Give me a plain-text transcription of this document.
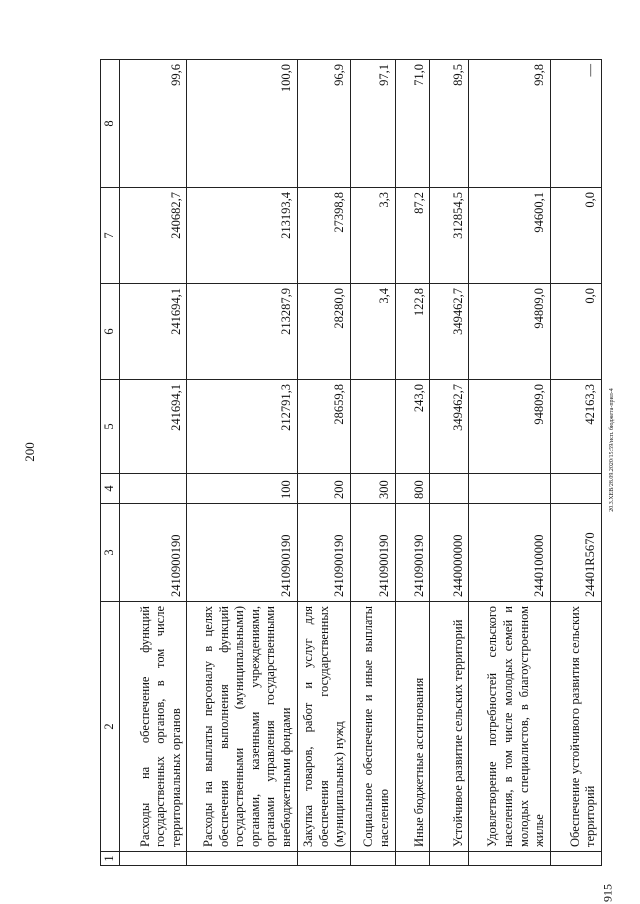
200	20.3.ХЕВ/28.09.2020/15:59/исп. бюджета-прил-4
915
1	2	3	4	5	6	7	8
	Расходы на обеспечение функций государственных органов, в том числе территориальных органов	2410900190		241694,1	241694,1	240682,7	99,6
	Расходы на выплаты персоналу в целях обеспечения выполнения функций государственными (муниципальными) органами, казенными учреждениями, органами управления государственными внебюджетными фондами	2410900190	100	212791,3	213287,9	213193,4	100,0
	Закупка товаров, работ и услуг для обеспечения государственных (муниципальных) нужд	2410900190	200	28659,8	28280,0	27398,8	96,9
	Социальное обеспечение и иные выплаты населению	2410900190	300		3,4	3,3	97,1
	Иные бюджетные ассигнования	2410900190	800	243,0	122,8	87,2	71,0
	Устойчивое развитие сельских территорий	2440000000		349462,7	349462,7	312854,5	89,5
	Удовлетворение потребностей сельского населения, в том числе молодых семей и молодых специалистов, в благоустроенном жилье	2440100000		94809,0	94809,0	94600,1	99,8
	Обеспечение устойчивого развития сельских территорий	24401R5670		42163,3	0,0	0,0	—
